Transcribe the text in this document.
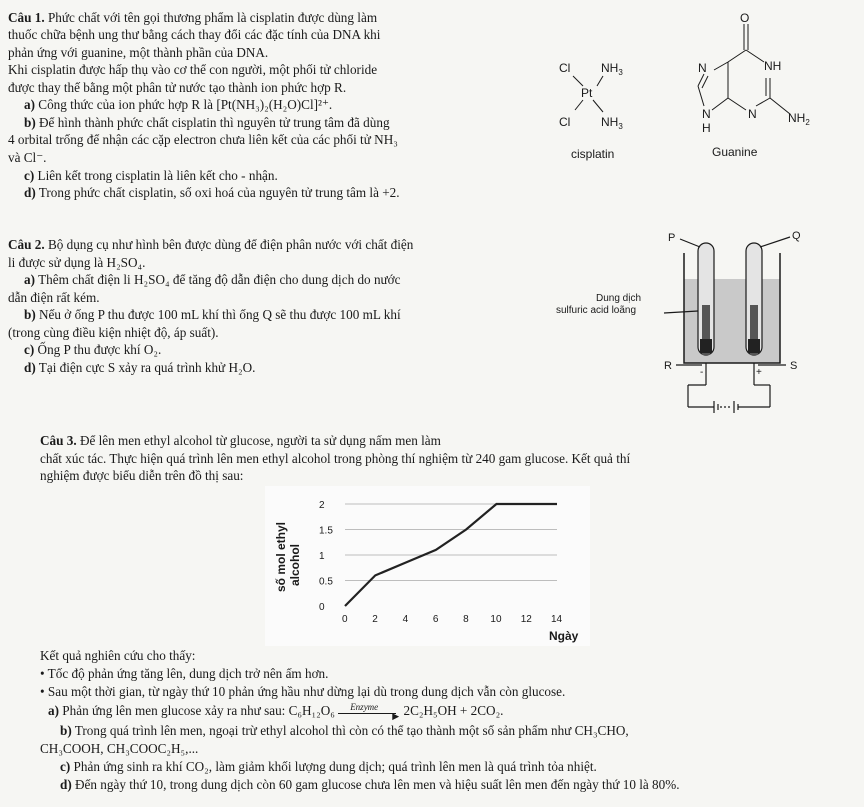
Câu 1. Phức chất với tên gọi thương phẩm là cisplatin được dùng làm
thuốc chữa bệnh ung thư bằng cách thay đổi các đặc tính của DNA khi
phản ứng với guanine, một thành phần của DNA.
Khi cisplatin được hấp thụ vào cơ thể con người, một phối tử chloride
được thay thế bằng một phân tử nước tạo thành ion phức hợp R.
a) Công thức của ion phức hợp R là [Pt(NH₃)₂(H₂O)Cl]²⁺.
b) Để hình thành phức chất cisplatin thì nguyên tử trung tâm đã dùng
4 orbital trống để nhận các cặp electron chưa liên kết của các phối tử NH₃
và Cl⁻.
c) Liên kết trong cisplatin là liên kết cho - nhận.
d) Trong phức chất cisplatin, số oxi hoá của nguyên tử trung tâm là +2.
Cl	$NH_3$
Pt
Cl	$NH_3$
cisplatin
O
N	NH
N
H
N	$NH_2$
Guanine
Câu 2. Bộ dụng cụ như hình bên được dùng để điện phân nước với chất điện
li được sử dụng là H₂SO₄.
a) Thêm chất điện li H₂SO₄ để tăng độ dẫn điện cho dung dịch do nước
dẫn điện rất kém.
b) Nếu ở ống P thu được 100 mL khí thì ống Q sẽ thu được 100 mL khí
(trong cùng điều kiện nhiệt độ, áp suất).
c) Ống P thu được khí O₂.
d) Tại điện cực S xảy ra quá trình khử H₂O.
P	Q
Dung dịch
sulfuric acid loãng
R	S
-	+
Câu 3. Để lên men ethyl alcohol từ glucose, người ta sử dụng nấm men làm
chất xúc tác. Thực hiện quá trình lên men ethyl alcohol trong phòng thí nghiệm từ 240 gam glucose. Kết quả thí
nghiệm được biểu diễn trên đồ thị sau:
0
0.5
1
1.5
2
0 2 4 6 8 10 12 14
số mol ethyl alcohol
Ngày
Kết quả nghiên cứu cho thấy:
• Tốc độ phản ứng tăng lên, dung dịch trở nên ấm hơn.
• Sau một thời gian, từ ngày thứ 10 phản ứng hầu như dừng lại dù trong dung dịch vẫn còn glucose.
a) Phản ứng lên men glucose xảy ra như sau: C₆H₁₂O₆ Enzyme
▶ 2C₂H₅OH + 2CO₂.
b) Trong quá trình lên men, ngoại trừ ethyl alcohol thì còn có thể tạo thành một số sản phẩm như CH₃CHO,
CH₃COOH, CH₃COOC₂H₅,...
c) Phản ứng sinh ra khí CO₂, làm giảm khối lượng dung dịch; quá trình lên men là quá trình tỏa nhiệt.
d) Đến ngày thứ 10, trong dung dịch còn 60 gam glucose chưa lên men và hiệu suất lên men đến ngày thứ 10 là 80%.
